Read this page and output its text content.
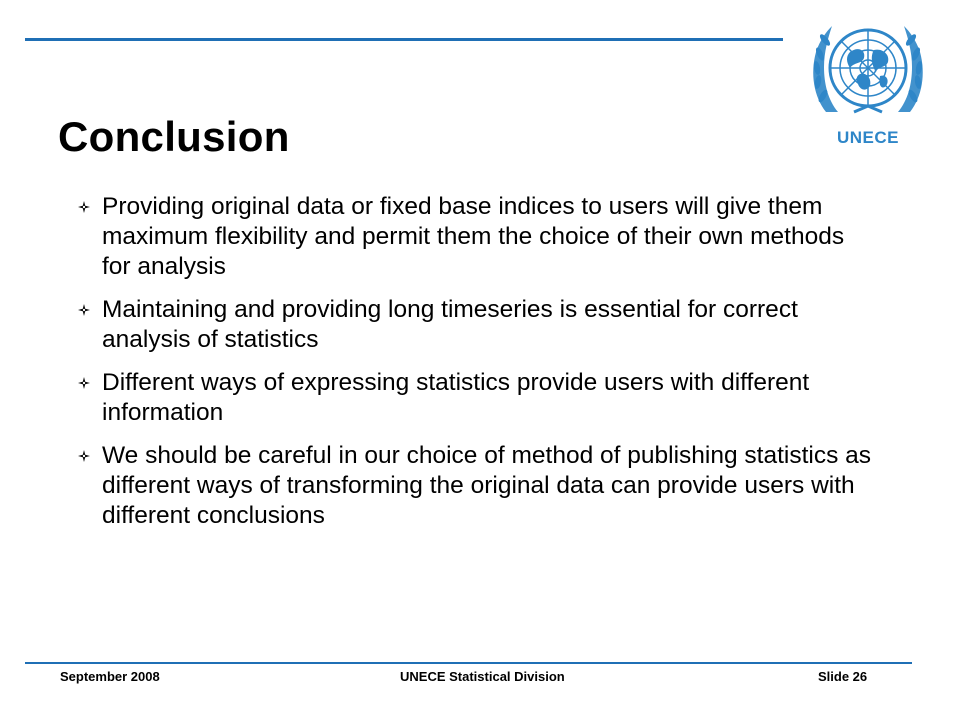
Conclusion	UNECE
Providing original data or fixed base indices to users will give them maximum flexibility and permit them the choice of their own methods for analysis
Maintaining and providing long timeseries is essential for correct analysis of statistics
Different ways of expressing statistics provide users with different information
We should be careful in our choice of method of publishing statistics as different ways of transforming the original data can provide users with different conclusions
September 2008	UNECE Statistical Division	Slide 26
